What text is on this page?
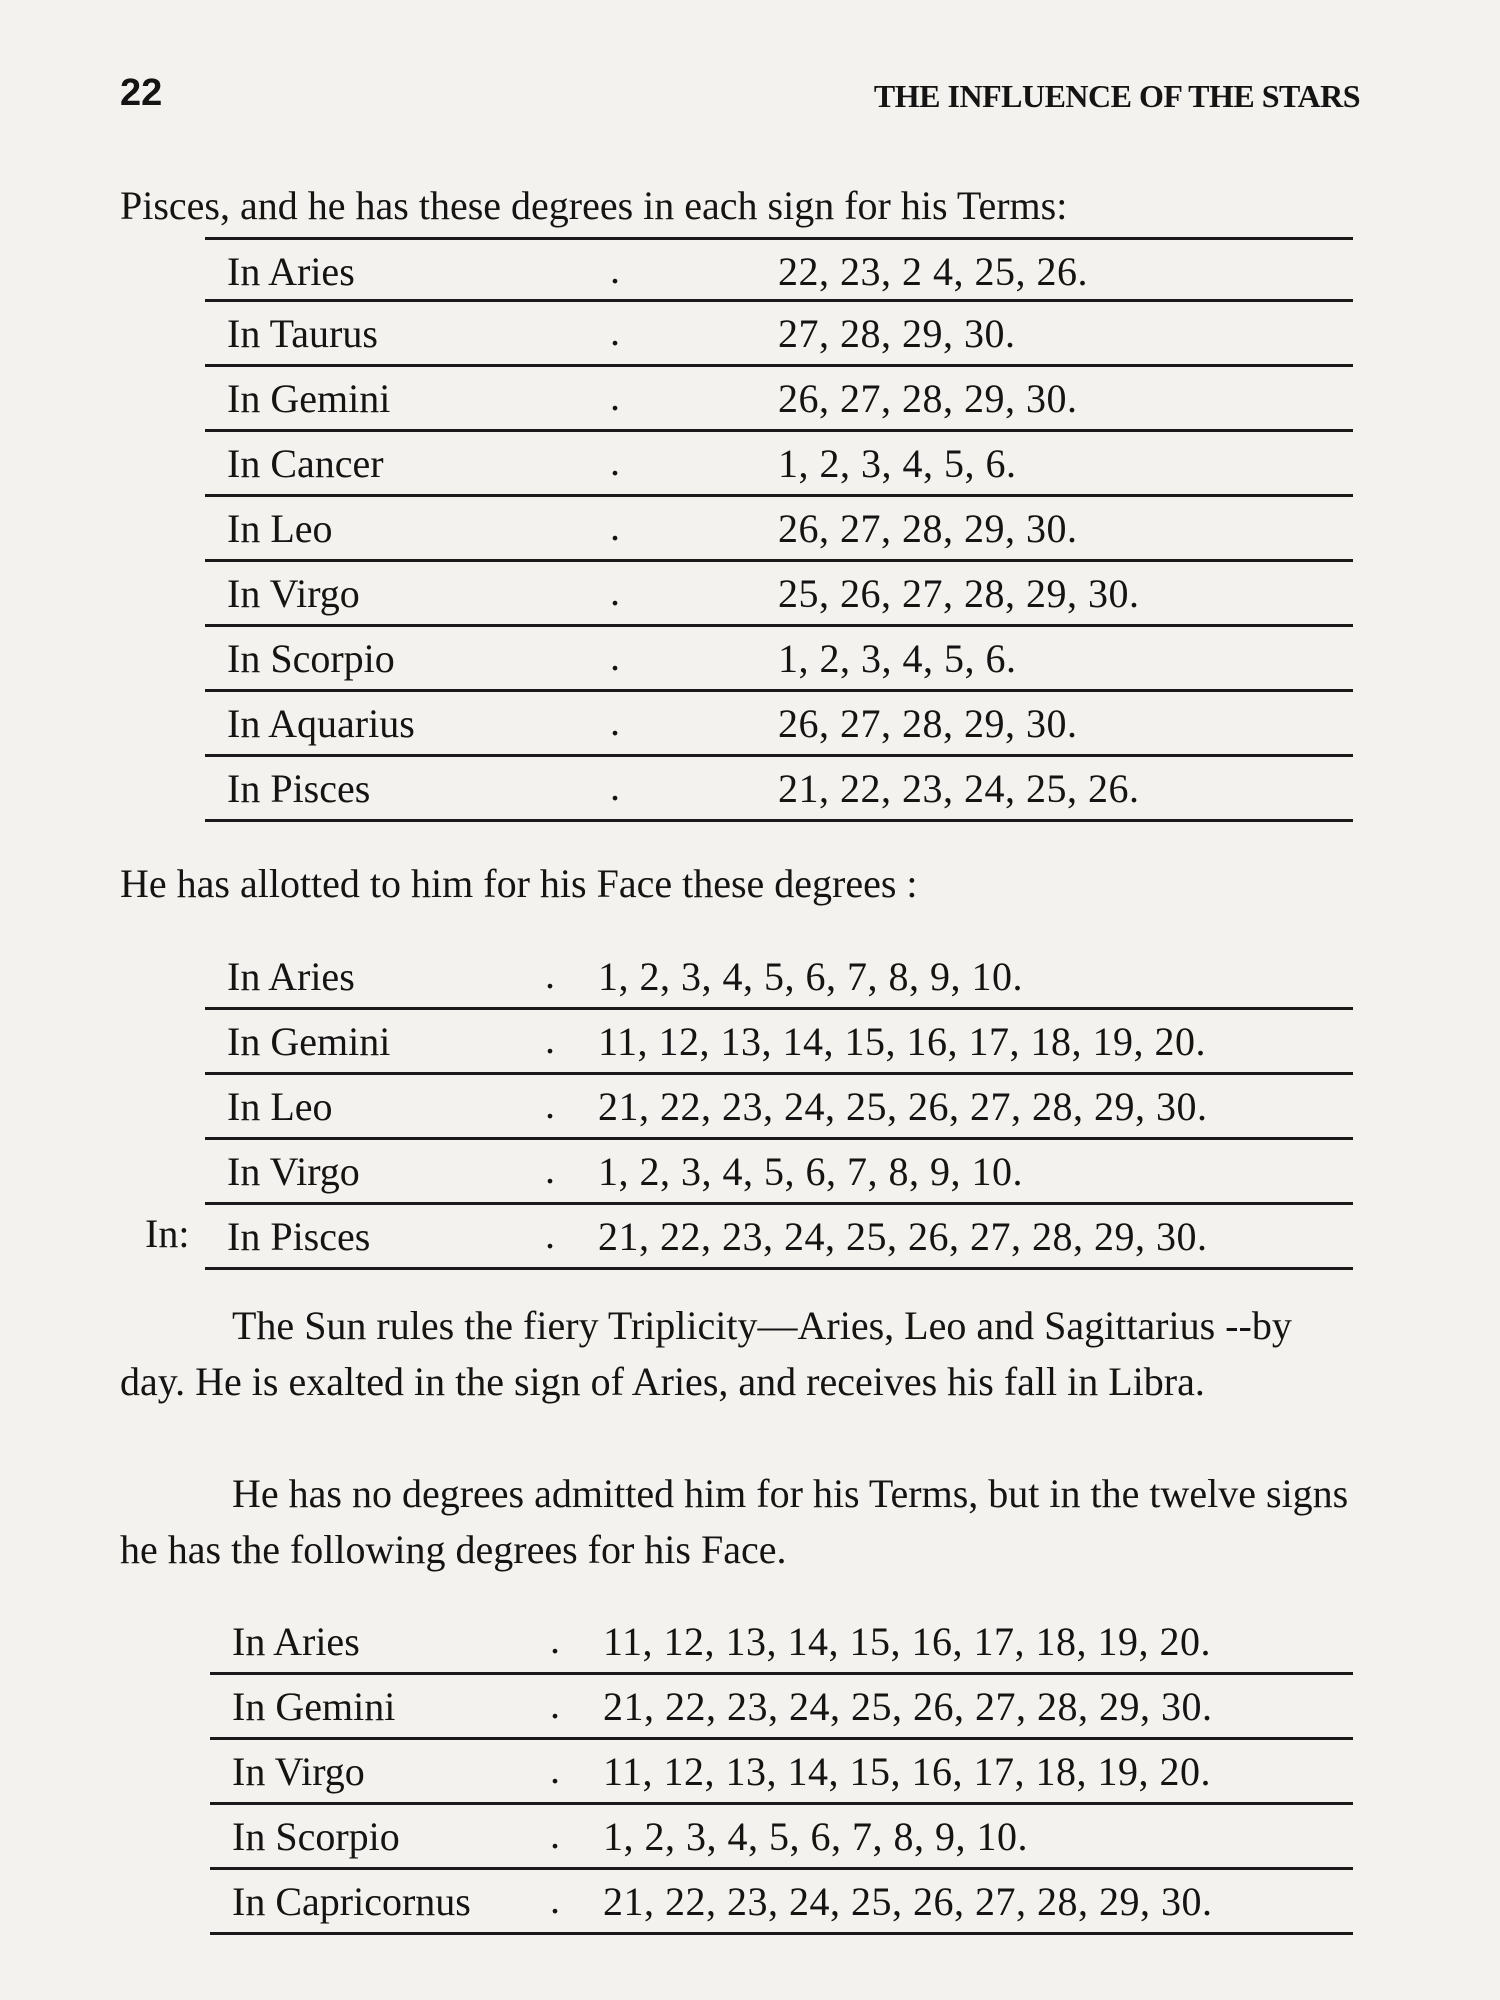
22	THE INFLUENCE OF THE STARS

Pisces, and he has these degrees in each sign for his Terms:

In Aries	.	22, 23, 2 4, 25, 26.
In Taurus	.	27, 28, 29, 30.
In Gemini	.	26, 27, 28, 29, 30.
In Cancer	.	1, 2, 3, 4, 5, 6.
In Leo	.	26, 27, 28, 29, 30.
In Virgo	.	25, 26, 27, 28, 29, 30.
In Scorpio	.	1, 2, 3, 4, 5, 6.
In Aquarius	.	26, 27, 28, 29, 30.
In Pisces	.	21, 22, 23, 24, 25, 26.

He has allotted to him for his Face these degrees :

In Aries	. 1, 2, 3, 4, 5, 6, 7, 8, 9, 10.
In Gemini	. 11, 12, 13, 14, 15, 16, 17, 18, 19, 20.
In Leo	. 21, 22, 23, 24, 25, 26, 27, 28, 29, 30.
In Virgo	. 1, 2, 3, 4, 5, 6, 7, 8, 9, 10.
In Pisces	. 21, 22, 23, 24, 25, 26, 27, 28, 29, 30.
In:

The Sun rules the fiery Triplicity—Aries, Leo and Sagittarius --by day. He is exalted in the sign of Aries, and receives his fall in Libra.

He has no degrees admitted him for his Terms, but in the twelve signs he has the following degrees for his Face.

In Aries	. 11, 12, 13, 14, 15, 16, 17, 18, 19, 20.
In Gemini	. 21, 22, 23, 24, 25, 26, 27, 28, 29, 30.
In Virgo	. 11, 12, 13, 14, 15, 16, 17, 18, 19, 20.
In Scorpio	. 1, 2, 3, 4, 5, 6, 7, 8, 9, 10.
In Capricornus . 21, 22, 23, 24, 25, 26, 27, 28, 29, 30.
